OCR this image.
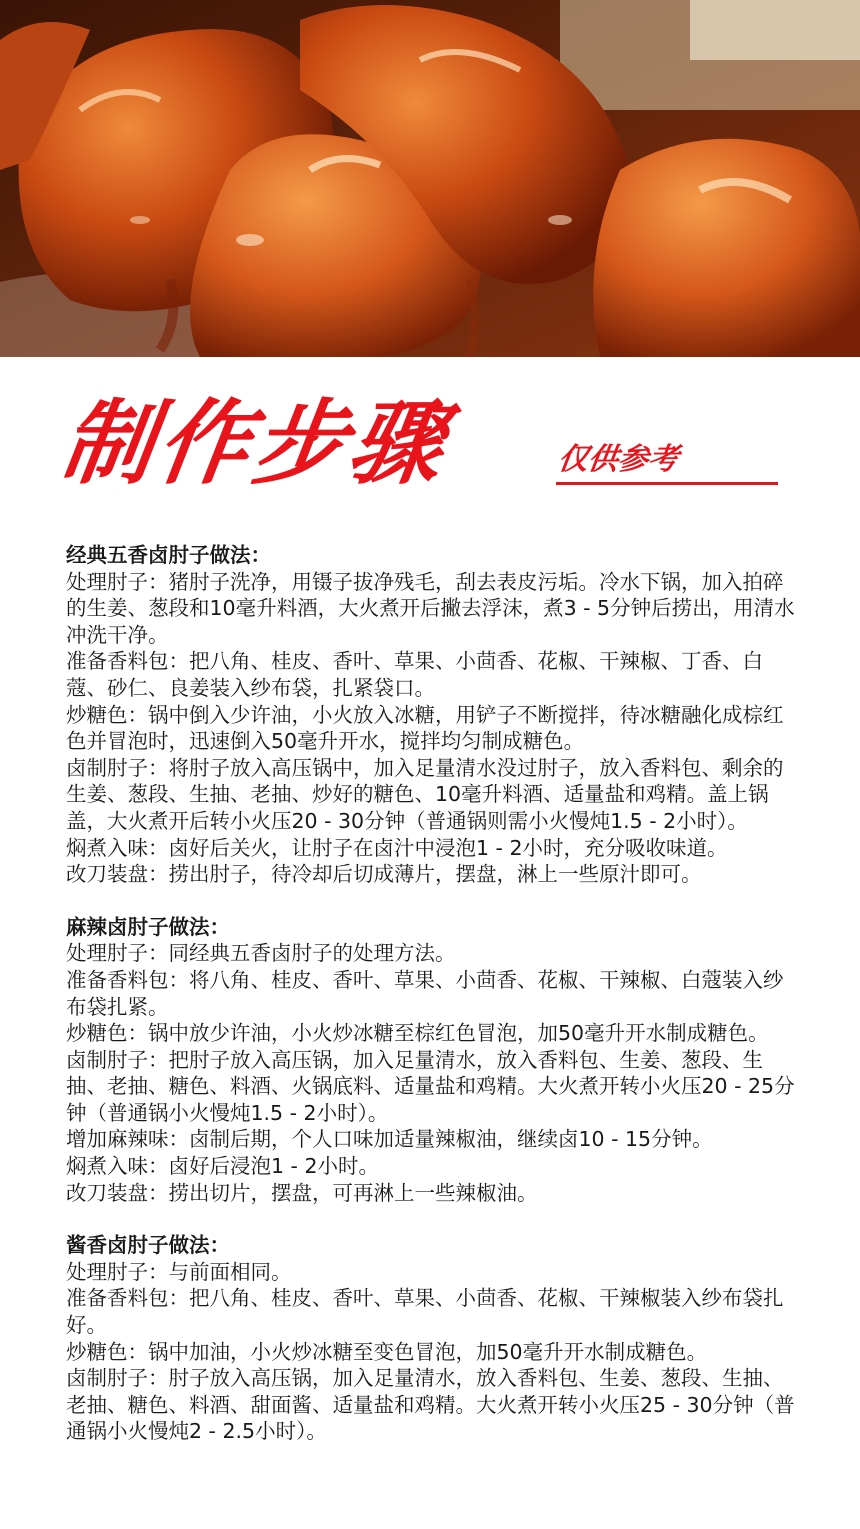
制作步骤	仅供参考

经典五香卤肘子做法：

处理肘子：猪肘子洗净，用镊子拔净残毛，刮去表皮污垢。冷水下锅，加入拍碎的生姜、葱段和10毫升料酒，大火煮开后撇去浮沫，煮3 - 5分钟后捞出，用清水冲洗干净。

准备香料包：把八角、桂皮、香叶、草果、小茴香、花椒、干辣椒、丁香、白蔻、砂仁、良姜装入纱布袋，扎紧袋口。

炒糖色：锅中倒入少许油，小火放入冰糖，用铲子不断搅拌，待冰糖融化成棕红色并冒泡时，迅速倒入50毫升开水，搅拌均匀制成糖色。

卤制肘子：将肘子放入高压锅中，加入足量清水没过肘子，放入香料包、剩余的生姜、葱段、生抽、老抽、炒好的糖色、10毫升料酒、适量盐和鸡精。盖上锅盖，大火煮开后转小火压20 - 30分钟（普通锅则需小火慢炖1.5 - 2小时）。

焖煮入味：卤好后关火，让肘子在卤汁中浸泡1 - 2小时，充分吸收味道。

改刀装盘：捞出肘子，待冷却后切成薄片，摆盘，淋上一些原汁即可。

麻辣卤肘子做法：

处理肘子：同经典五香卤肘子的处理方法。

准备香料包：将八角、桂皮、香叶、草果、小茴香、花椒、干辣椒、白蔻装入纱布袋扎紧。

炒糖色：锅中放少许油，小火炒冰糖至棕红色冒泡，加50毫升开水制成糖色。

卤制肘子：把肘子放入高压锅，加入足量清水，放入香料包、生姜、葱段、生抽、老抽、糖色、料酒、火锅底料、适量盐和鸡精。大火煮开转小火压20 - 25分钟（普通锅小火慢炖1.5 - 2小时）。

增加麻辣味：卤制后期，个人口味加适量辣椒油，继续卤10 - 15分钟。

焖煮入味：卤好后浸泡1 - 2小时。

改刀装盘：捞出切片，摆盘，可再淋上一些辣椒油。

酱香卤肘子做法：

处理肘子：与前面相同。

准备香料包：把八角、桂皮、香叶、草果、小茴香、花椒、干辣椒装入纱布袋扎好。

炒糖色：锅中加油，小火炒冰糖至变色冒泡，加50毫升开水制成糖色。

卤制肘子：肘子放入高压锅，加入足量清水，放入香料包、生姜、葱段、生抽、老抽、糖色、料酒、甜面酱、适量盐和鸡精。大火煮开转小火压25 - 30分钟（普通锅小火慢炖2 - 2.5小时）。
